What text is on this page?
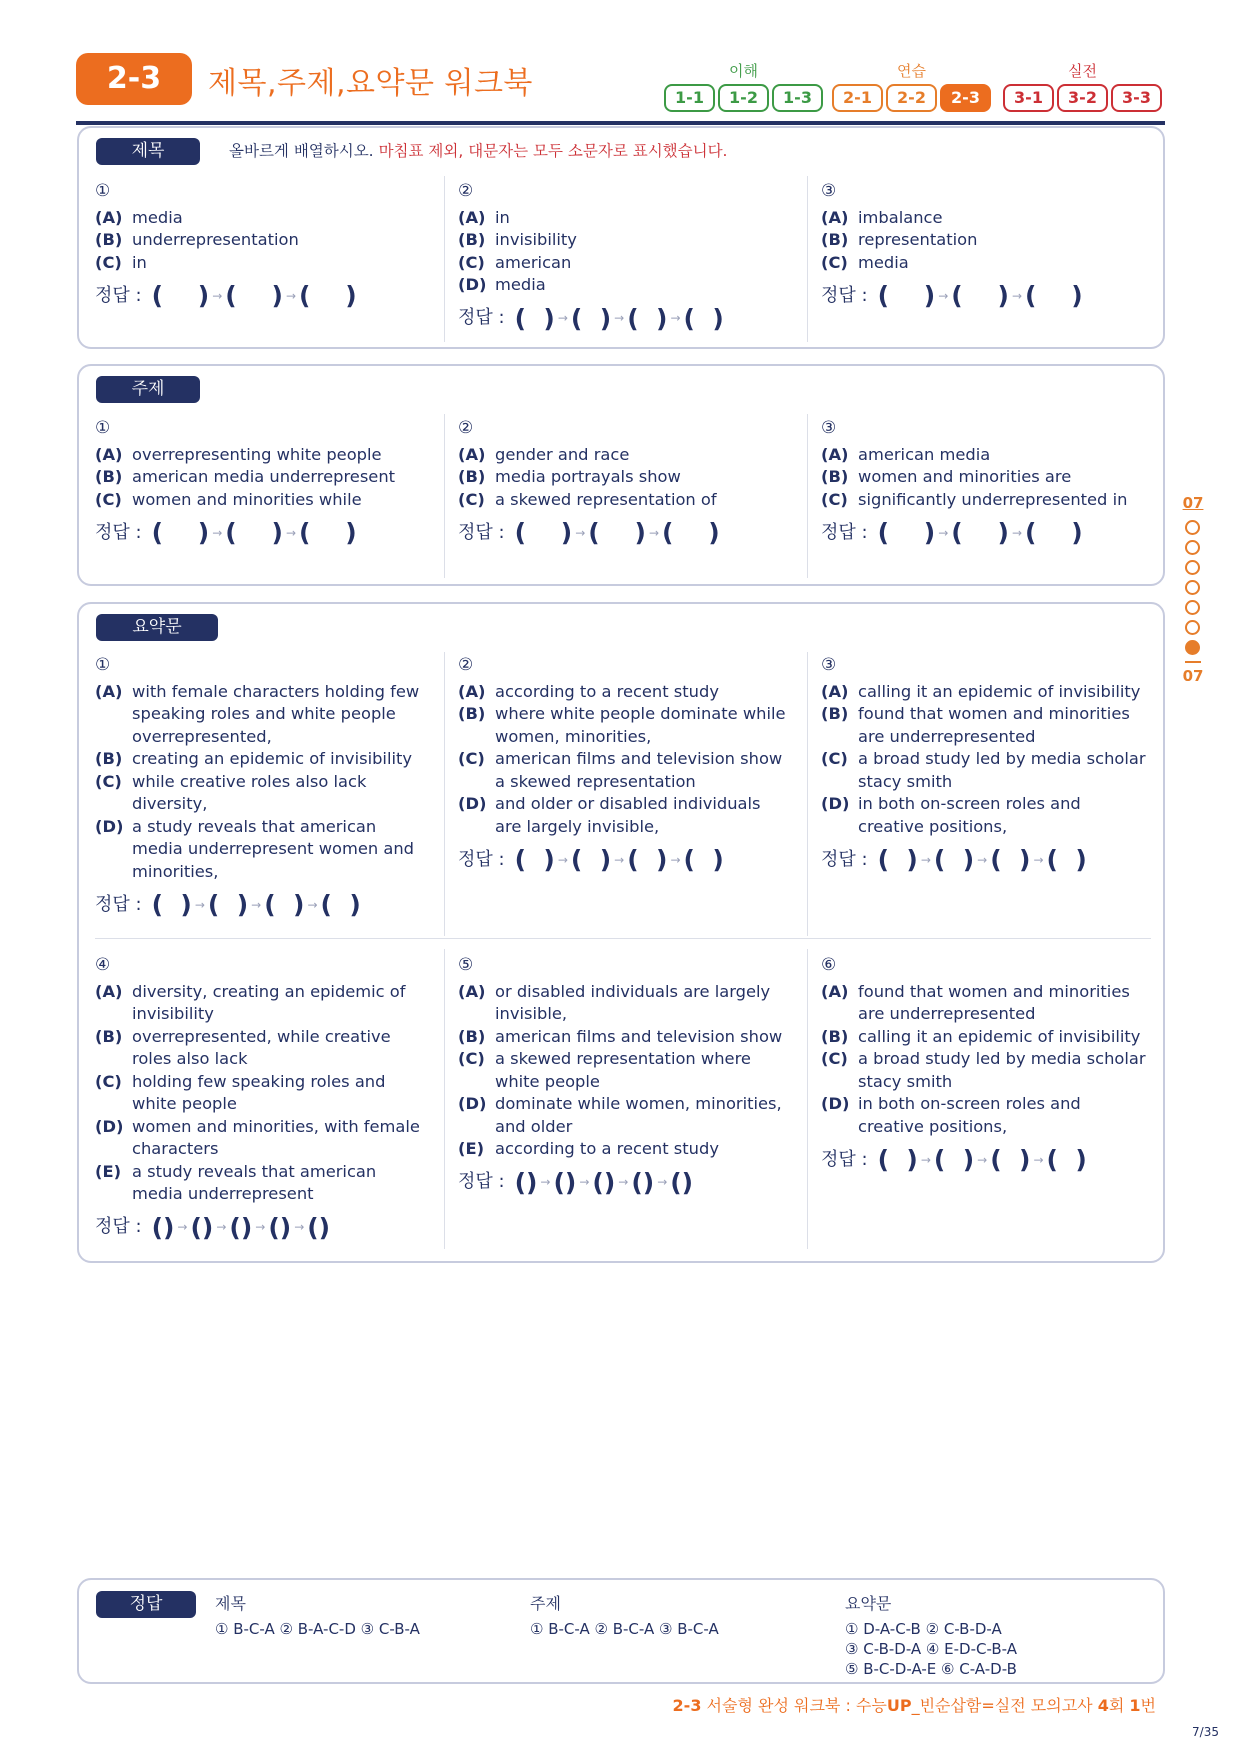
2-3	제목,주제,요약문 워크북	이해
1-1	1-2	1-3
연습
2-1	2-2	2-3
실전
3-1	3-2	3-3
제목	올바르게 배열하시오. 마침표 제외, 대문자는 모두 소문자로 표시했습니다.
①
(A) media
(B) underrepresentation
(C) in
정답 : (    ) → (    ) → (    )
②
(A) in
(B) invisibility
(C) american
(D) media
정답 : (  ) → (  ) → (  ) → (  )
③
(A) imbalance
(B) representation
(C) media
정답 : (    ) → (    ) → (    )
주제
①
(A) overrepresenting white people
(B) american media underrepresent
(C) women and minorities while
정답 : (    ) → (    ) → (    )
②
(A) gender and race
(B) media portrayals show
(C) a skewed representation of
정답 : (    ) → (    ) → (    )
③
(A) american media
(B) women and minorities are
(C) significantly underrepresented in
정답 : (    ) → (    ) → (    )
요약문
①
(A) with female characters holding few speaking roles and white people overrepresented,
(B) creating an epidemic of invisibility
(C) while creative roles also lack diversity,
(D) a study reveals that american media underrepresent women and minorities,
정답 : (  ) → (  ) → (  ) → (  )
②
(A) according to a recent study
(B) where white people dominate while women, minorities,
(C) american films and television show a skewed representation
(D) and older or disabled individuals are largely invisible,
정답 : (  ) → (  ) → (  ) → (  )
③
(A) calling it an epidemic of invisibility
(B) found that women and minorities are underrepresented
(C) a broad study led by media scholar stacy smith
(D) in both on-screen roles and creative positions,
정답 : (  ) → (  ) → (  ) → (  )
④
(A) diversity, creating an epidemic of invisibility
(B) overrepresented, while creative roles also lack
(C) holding few speaking roles and white people
(D) women and minorities, with female characters
(E) a study reveals that american media underrepresent
정답 : () → () → () → () → ()
⑤
(A) or disabled individuals are largely invisible,
(B) american films and television show
(C) a skewed representation where white people
(D) dominate while women, minorities, and older
(E) according to a recent study
정답 : () → () → () → () → ()
⑥
(A) found that women and minorities are underrepresented
(B) calling it an epidemic of invisibility
(C) a broad study led by media scholar stacy smith
(D) in both on-screen roles and creative positions,
정답 : (  ) → (  ) → (  ) → (  )
07
07
정답	제목
① B-C-A ② B-A-C-D ③ C-B-A
주제
① B-C-A ② B-C-A ③ B-C-A
요약문
① D-A-C-B ② C-B-D-A
③ C-B-D-A ④ E-D-C-B-A
⑤ B-C-D-A-E ⑥ C-A-D-B
2-3 서술형 완성 워크북 : 수능UP_빈순삽함=실전 모의고사 4회 1번
7/35
